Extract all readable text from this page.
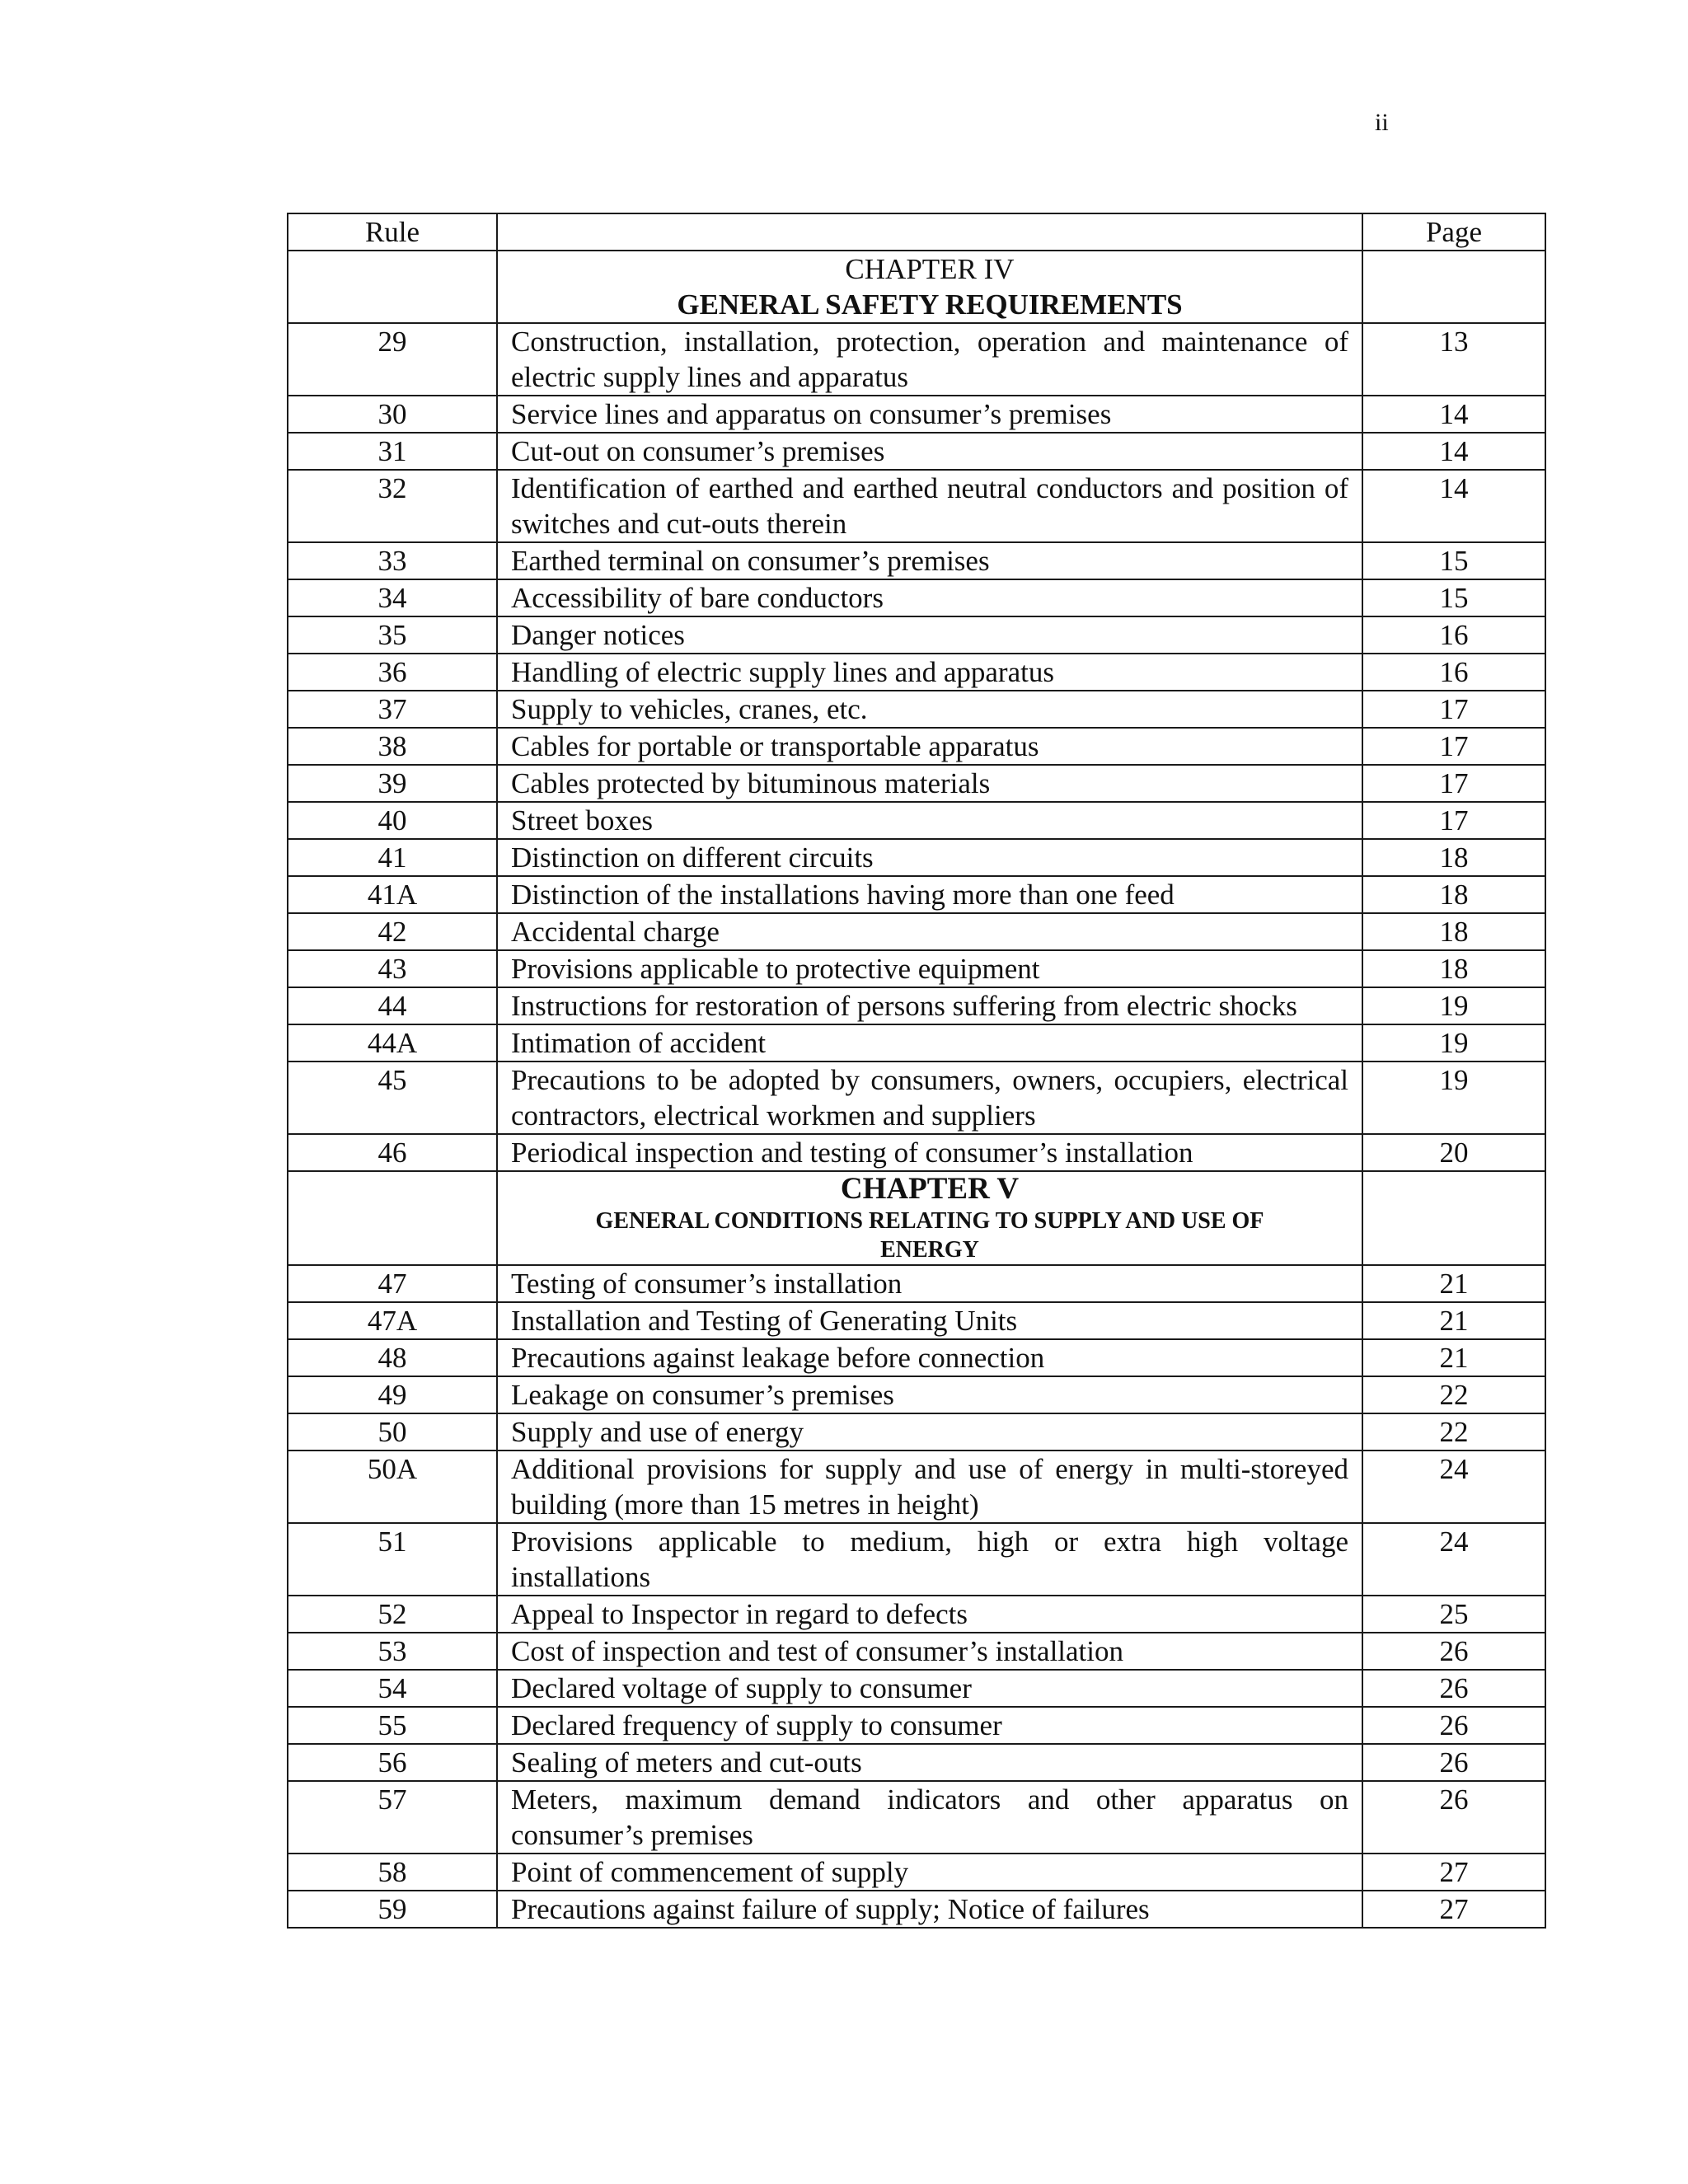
ii
Rule		Page

	CHAPTER IV
GENERAL SAFETY REQUIREMENTS	

29	Construction, installation, protection, operation and maintenance of electric supply lines and apparatus	13
30	Service lines and apparatus on consumer’s premises	14
31	Cut-out on consumer’s premises	14
32	Identification of earthed and earthed neutral conductors and position of switches and cut-outs therein	14
33	Earthed terminal on consumer’s premises	15
34	Accessibility of bare conductors	15
35	Danger notices	16
36	Handling of electric supply lines and apparatus	16
37	Supply to vehicles, cranes, etc.	17
38	Cables for portable or transportable apparatus	17
39	Cables protected by bituminous materials	17
40	Street boxes	17
41	Distinction on different circuits	18
41A	Distinction of the installations having more than one feed	18
42	Accidental charge	18
43	Provisions applicable to protective equipment	18
44	Instructions for restoration of persons suffering from electric shocks	19
44A	Intimation of accident	19
45	Precautions to be adopted by consumers, owners, occupiers, electrical contractors, electrical workmen and suppliers	19
46	Periodical inspection and testing of consumer’s installation	20

	CHAPTER V
GENERAL CONDITIONS RELATING TO SUPPLY AND USE OF ENERGY	

47	Testing of consumer’s installation	21
47A	Installation and Testing of Generating Units	21
48	Precautions against leakage before connection	21
49	Leakage on consumer’s premises	22
50	Supply and use of energy	22
50A	Additional provisions for supply and use of energy in multi-storeyed building (more than 15 metres in height)	24
51	Provisions applicable to medium, high or extra high voltage installations	24
52	Appeal to Inspector in regard to defects	25
53	Cost of inspection and test of consumer’s installation	26
54	Declared voltage of supply to consumer	26
55	Declared frequency of supply to consumer	26
56	Sealing of meters and cut-outs	26
57	Meters, maximum demand indicators and other apparatus on consumer’s premises	26
58	Point of commencement of supply	27
59	Precautions against failure of supply; Notice of failures	27
